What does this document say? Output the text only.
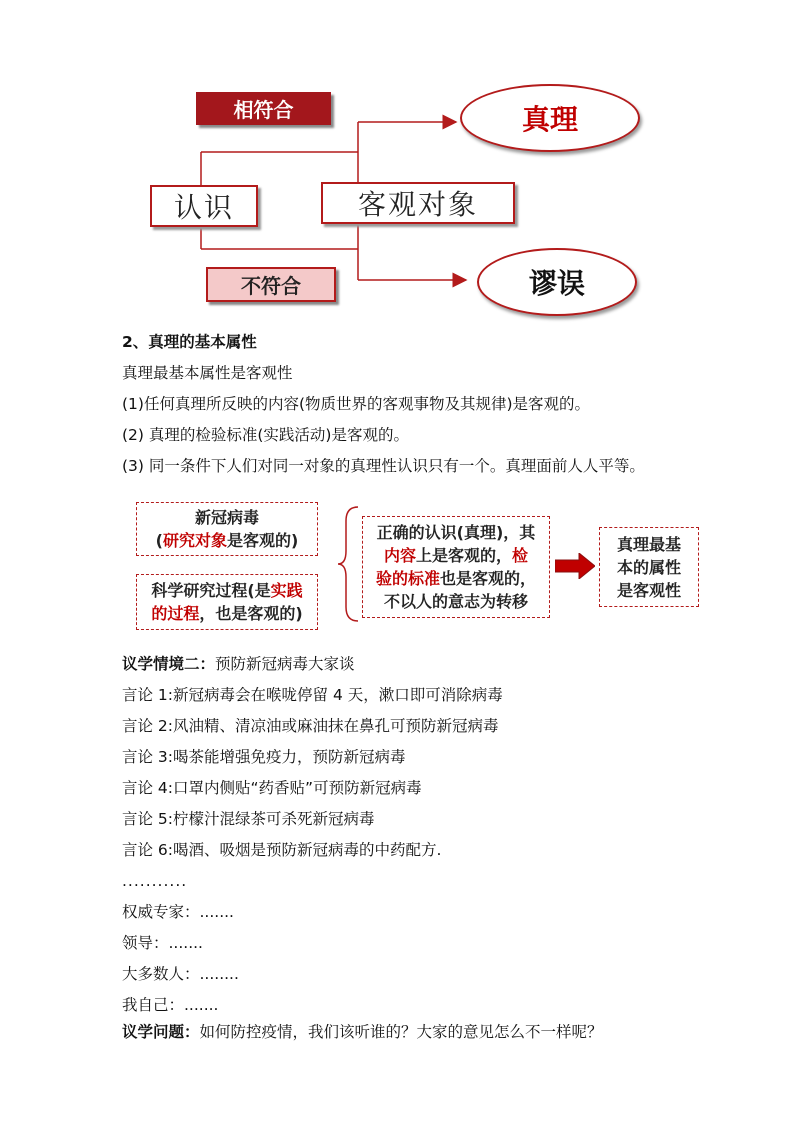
相符合
认识	客观对象
不符合
真理
谬误
2、真理的基本属性
真理最基本属性是客观性
(1)任何真理所反映的内容(物质世界的客观事物及其规律)是客观的。
(2) 真理的检验标准(实践活动)是客观的。
(3) 同一条件下人们对同一对象的真理性认识只有一个。真理面前人人平等。
新冠病毒
(研究对象是客观的)
科学研究过程(是实践
的过程，也是客观的)
正确的认识(真理)，其
内容上是客观的，检
验的标准也是客观的，
不以人的意志为转移
真理最基
本的属性
是客观性
议学情境二：预防新冠病毒大家谈
言论 1:新冠病毒会在喉咙停留 4 天，漱口即可消除病毒
言论 2:风油精、清凉油或麻油抹在鼻孔可预防新冠病毒
言论 3:喝茶能增强免疫力，预防新冠病毒
言论 4:口罩内侧贴“药香贴”可预防新冠病毒
言论 5:柠檬汁混绿茶可杀死新冠病毒
言论 6:喝酒、吸烟是预防新冠病毒的中药配方.
...........
权威专家：.......
领导：.......
大多数人：........
我自己：.......
议学问题：如何防控疫情，我们该听谁的？大家的意见怎么不一样呢？
